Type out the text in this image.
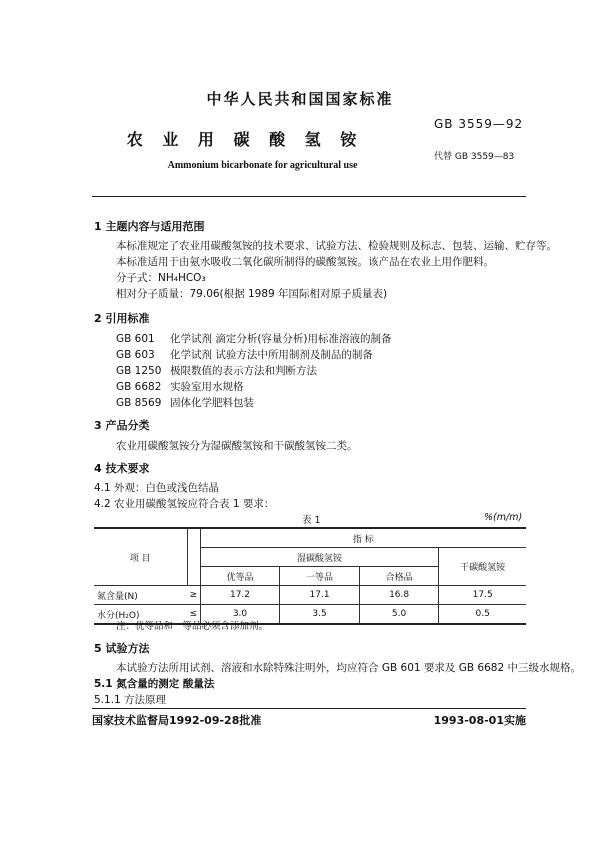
中华人民共和国国家标准
农 业 用 碳 酸 氢 铵
GB 3559—92
代替 GB 3559—83
Ammonium bicarbonate for agricultural use
1 主题内容与适用范围
本标准规定了农业用碳酸氢铵的技术要求、试验方法、检验规则及标志、包装、运输、贮存等。
本标准适用于由氨水吸收二氧化碳所制得的碳酸氢铵。该产品在农业上用作肥料。
分子式：NH₄HCO₃
相对分子质量：79.06(根据 1989 年国际相对原子质量表)
2 引用标准
GB 601 化学试剂 滴定分析(容量分析)用标准溶液的制备
GB 603 化学试剂 试验方法中所用制剂及制品的制备
GB 1250 极限数值的表示方法和判断方法
GB 6682 实验室用水规格
GB 8569 固体化学肥料包装
3 产品分类
农业用碳酸氢铵分为湿碳酸氢铵和干碳酸氢铵二类。
4 技术要求
4.1 外观：白色或浅色结晶
4.2 农业用碳酸氢铵应符合表 1 要求：
表 1	%(m/m)
项 目		指 标			
		湿碳酸氢铵			干碳酸氢铵
		优等品	一等品	合格品	
氮含量(N)	≥	17.2	17.1	16.8	17.5
水分(H₂O)	≤	3.0	3.5	5.0	0.5
注：优等品和一等品必须含添加剂。
5 试验方法
本试验方法所用试剂、溶液和水除特殊注明外，均应符合 GB 601 要求及 GB 6682 中三级水规格。
5.1 氮含量的测定 酸量法
5.1.1 方法原理
国家技术监督局1992-09-28批准	1993-08-01实施
